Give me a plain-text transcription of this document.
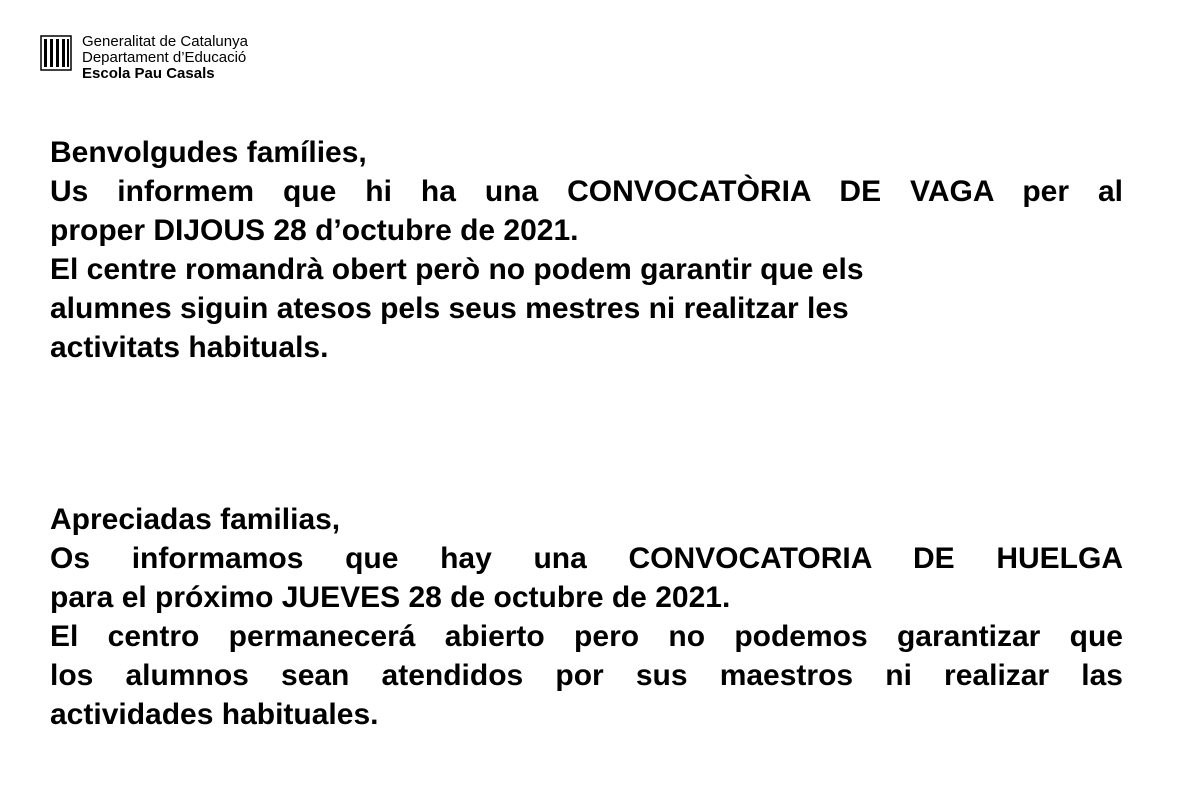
Generalitat de Catalunya
Departament d’Educació
Escola Pau Casals

Benvolgudes famílies,

Us informem que hi ha una CONVOCATÒRIA DE VAGA per al

proper DIJOUS 28 d’octubre de 2021.

El centre romandrà obert però no podem garantir que els

alumnes siguin atesos pels seus mestres ni realitzar les

activitats habituals.

Apreciadas familias,

Os informamos que hay una CONVOCATORIA DE HUELGA

para el próximo JUEVES 28 de octubre de 2021.

El centro permanecerá abierto pero no podemos garantizar que

los alumnos sean atendidos por sus maestros ni realizar las

actividades habituales.
